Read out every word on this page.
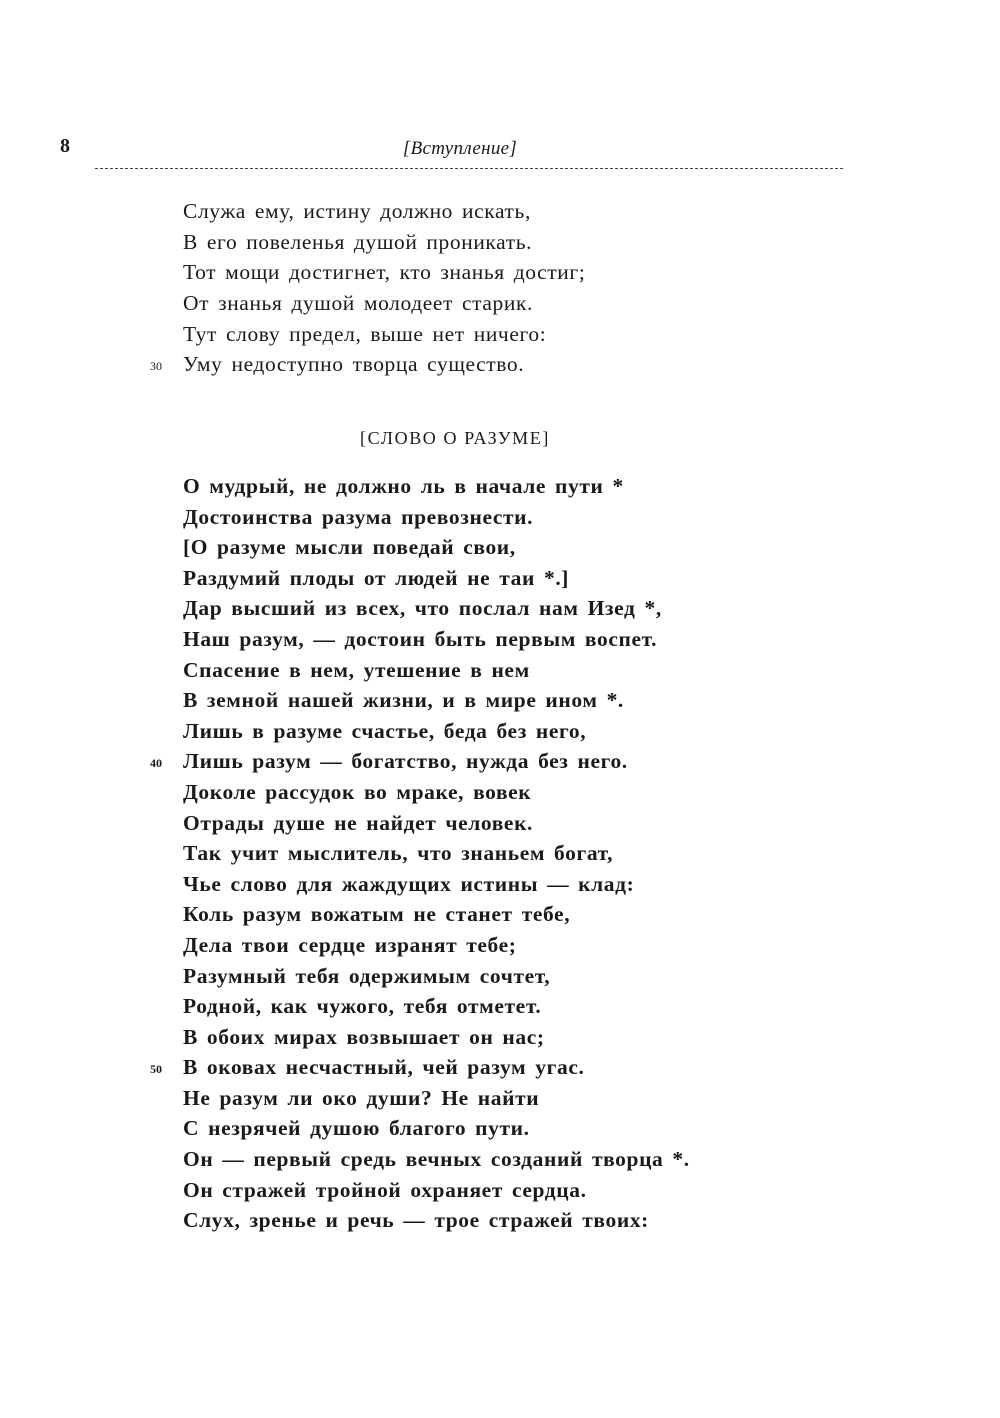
8	[Вступление]
Служа ему, истину должно искать,
В его повеленья душой проникать.
Тот мощи достигнет, кто знанья достиг;
От знанья душой молодеет старик.
Тут слову предел, выше нет ничего:
30 Уму недоступно творца существо.
[СЛОВО О РАЗУМЕ]
О мудрый, не должно ль в начале пути *
Достоинства разума превознести.
[О разуме мысли поведай свои,
Раздумий плоды от людей не таи *.]
Дар высший из всех, что послал нам Изед *,
Наш разум, — достоин быть первым воспет.
Спасение в нем, утешение в нем
В земной нашей жизни, и в мире ином *.
Лишь в разуме счастье, беда без него,
40 Лишь разум — богатство, нужда без него.
Доколе рассудок во мраке, вовек
Отрады душе не найдет человек.
Так учит мыслитель, что знаньем богат,
Чье слово для жаждущих истины — клад:
Коль разум вожатым не станет тебе,
Дела твои сердце изранят тебе;
Разумный тебя одержимым сочтет,
Родной, как чужого, тебя отметет.
В обоих мирах возвышает он нас;
50 В оковах несчастный, чей разум угас.
Не разум ли око души? Не найти
С незрячей душою благого пути.
Он — первый средь вечных созданий творца *.
Он стражей тройной охраняет сердца.
Слух, зренье и речь — трое стражей твоих:
